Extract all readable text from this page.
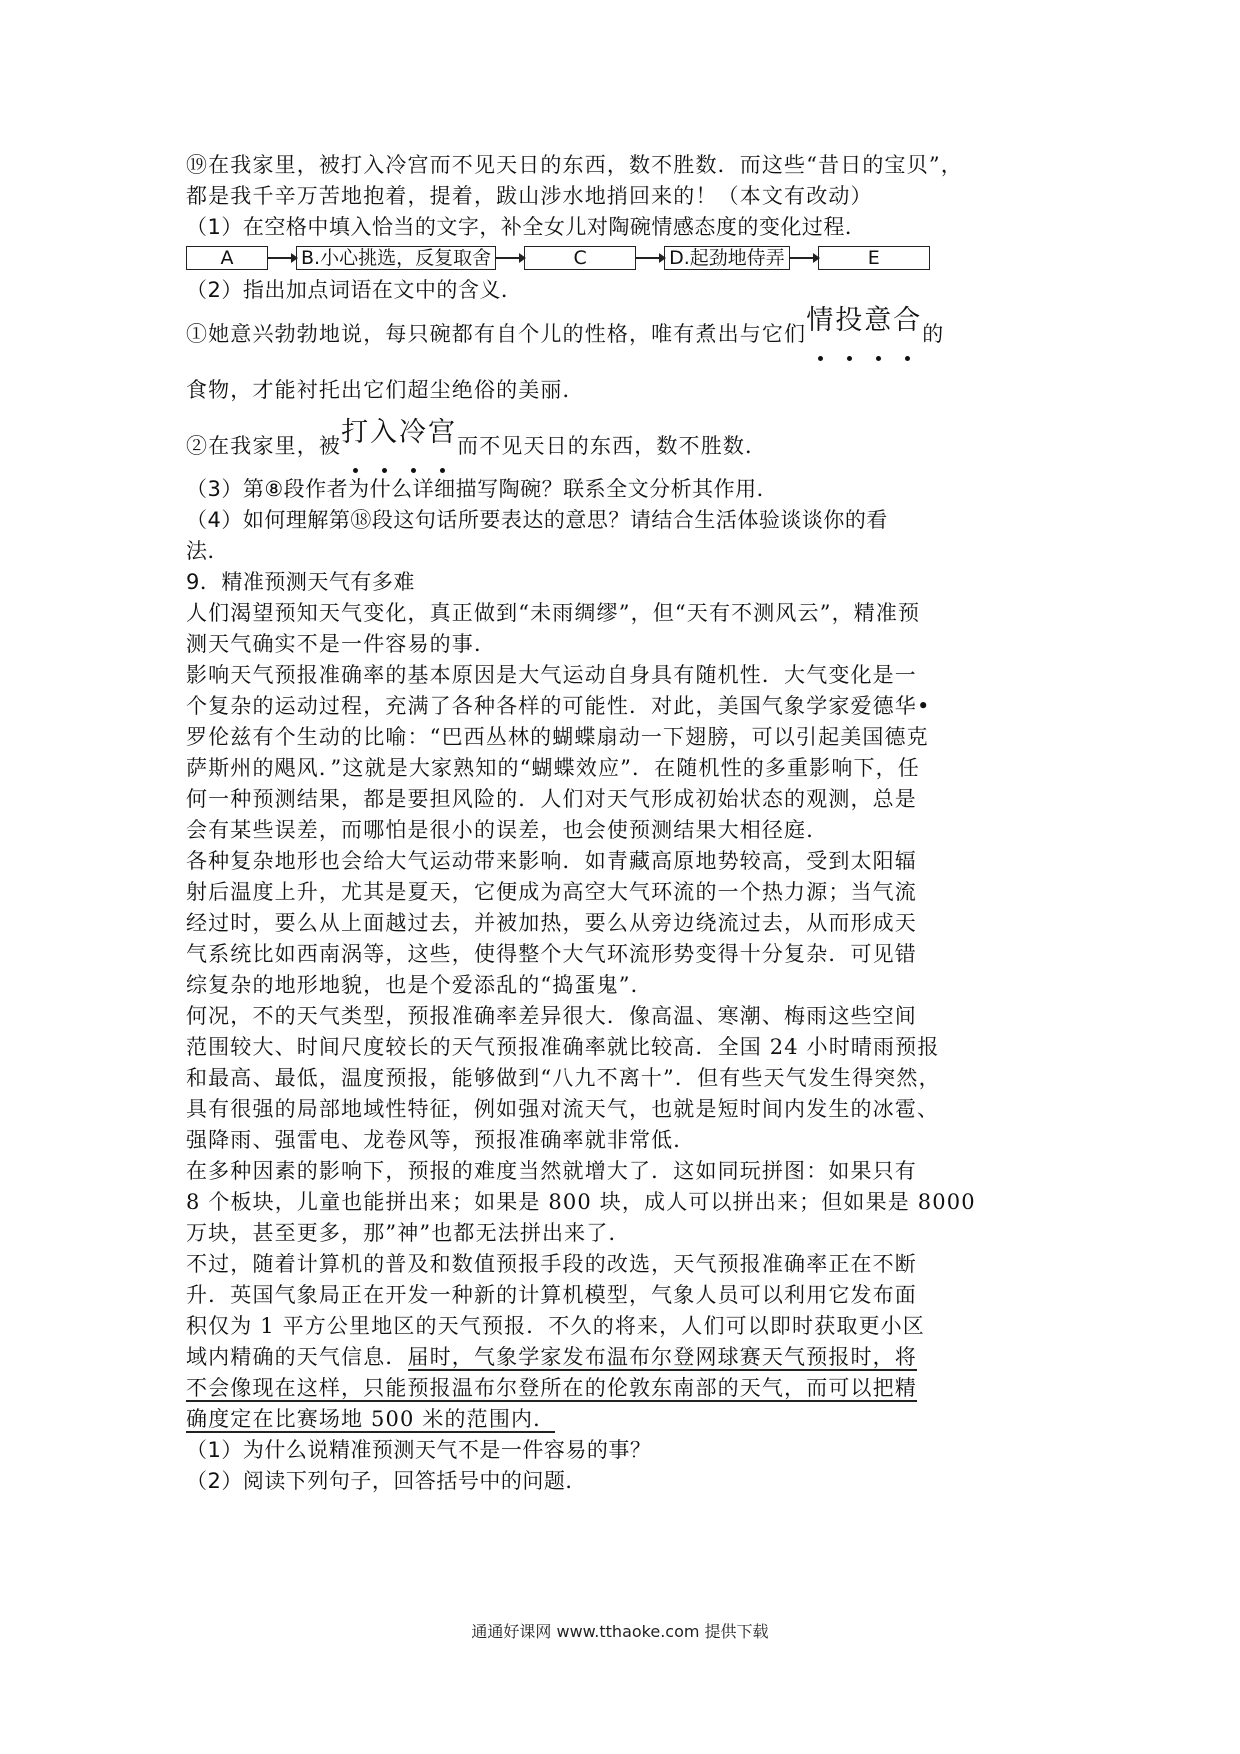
⑲在我家里，被打入冷宫而不见天日的东西，数不胜数．而这些“昔日的宝贝”，
都是我千辛万苦地抱着，提着，跋山涉水地捎回来的！（本文有改动）
（1）在空格中填入恰当的文字，补全女儿对陶碗情感态度的变化过程．
A	B.小心挑选，反复取舍	C	D.起劲地侍弄	E
（2）指出加点词语在文中的含义．
①她意兴勃勃地说，每只碗都有自个儿的性格，唯有煮出与它们情投意合
的
食物，才能衬托出它们超尘绝俗的美丽．
②在我家里，被打入冷宫
而不见天日的东西，数不胜数．
（3）第⑧段作者为什么详细描写陶碗？联系全文分析其作用．
（4）如何理解第⑱段这句话所要表达的意思？请结合生活体验谈谈你的看
法．
9．精准预测天气有多难
人们渴望预知天气变化，真正做到“未雨绸缪”，但“天有不测风云”，精准预
测天气确实不是一件容易的事．
影响天气预报准确率的基本原因是大气运动自身具有随机性．大气变化是一
个复杂的运动过程，充满了各种各样的可能性．对此，美国气象学家爱德华•
罗伦兹有个生动的比喻：“巴西丛林的蝴蝶扇动一下翅膀，可以引起美国德克
萨斯州的飓风．”这就是大家熟知的“蝴蝶效应”．在随机性的多重影响下，任
何一种预测结果，都是要担风险的．人们对天气形成初始状态的观测，总是
会有某些误差，而哪怕是很小的误差，也会使预测结果大相径庭．
各种复杂地形也会给大气运动带来影响．如青藏高原地势较高，受到太阳辐
射后温度上升，尤其是夏天，它便成为高空大气环流的一个热力源；当气流
经过时，要么从上面越过去，并被加热，要么从旁边绕流过去，从而形成天
气系统比如西南涡等，这些，使得整个大气环流形势变得十分复杂．可见错
综复杂的地形地貌，也是个爱添乱的“捣蛋鬼”．
何况，不的天气类型，预报准确率差异很大．像高温、寒潮、梅雨这些空间
范围较大、时间尺度较长的天气预报准确率就比较高．全国 24 小时晴雨预报
和最高、最低，温度预报，能够做到“八九不离十”．但有些天气发生得突然，
具有很强的局部地域性特征，例如强对流天气，也就是短时间内发生的冰雹、
强降雨、强雷电、龙卷风等，预报准确率就非常低．
在多种因素的影响下，预报的难度当然就增大了．这如同玩拼图：如果只有
8 个板块，儿童也能拼出来；如果是 800 块，成人可以拼出来；但如果是 8000
万块，甚至更多，那”神”也都无法拼出来了．
不过，随着计算机的普及和数值预报手段的改选，天气预报准确率正在不断
升．英国气象局正在开发一种新的计算机模型，气象人员可以利用它发布面
积仅为 1 平方公里地区的天气预报．不久的将来，人们可以即时获取更小区
域内精确的天气信息．届时，气象学家发布温布尔登网球赛天气预报时，将
不会像现在这样，只能预报温布尔登所在的伦敦东南部的天气，而可以把精
确度定在比赛场地 500 米的范围内．
（1）为什么说精准预测天气不是一件容易的事？
（2）阅读下列句子，回答括号中的问题．
通通好课网 www.tthaoke.com 提供下载
